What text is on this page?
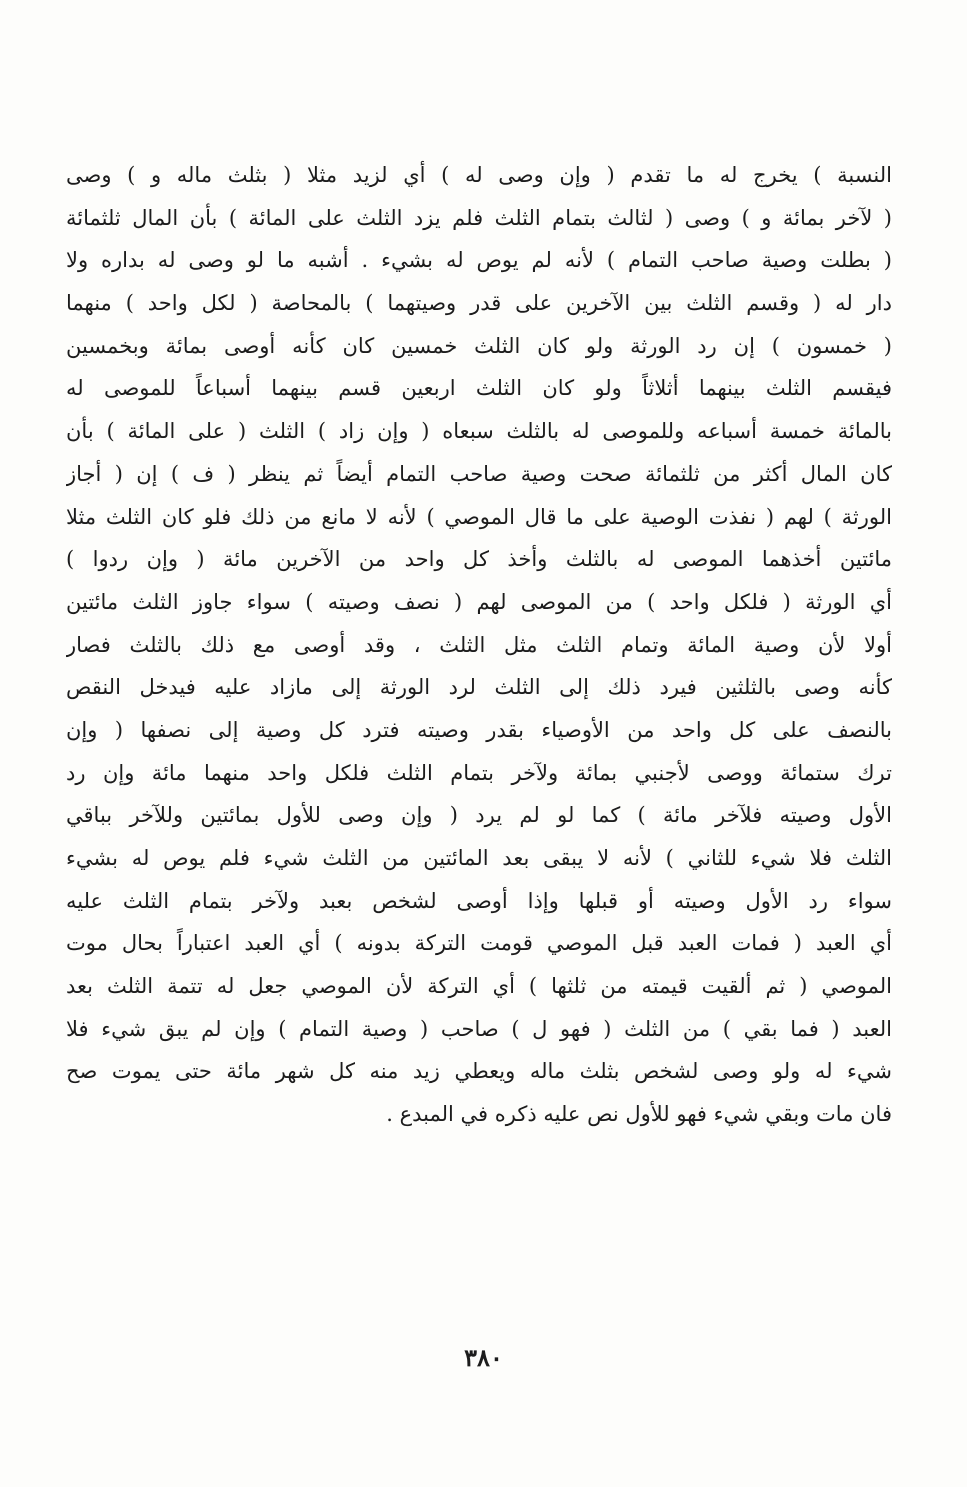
النسبة ) يخرج له ما تقدم ( وإن وصى له ) أي لزيد مثلا ( بثلث ماله و ) وصى
( لآخر بمائة و ) وصى ( لثالث بتمام الثلث فلم يزد الثلث على المائة ) بأن المال ثلثمائة
( بطلت وصية صاحب التمام ) لأنه لم يوص له بشيء . أشبه ما لو وصى له بداره ولا
دار له ( وقسم الثلث بين الآخرين على قدر وصيتهما ) بالمحاصة ( لكل واحد ) منهما
( خمسون ) إن رد الورثة ولو كان الثلث خمسين كان كأنه أوصى بمائة وبخمسين
فيقسم الثلث بينهما أثلاثاً ولو كان الثلث اربعين قسم بينهما أسباعاً للموصى له
بالمائة خمسة أسباعه وللموصى له بالثلث سبعاه ( وإن زاد ) الثلث ( على المائة ) بأن
كان المال أكثر من ثلثمائة صحت وصية صاحب التمام أيضاً ثم ينظر ( ف ) إن ( أجاز
الورثة ) لهم ( نفذت الوصية على ما قال الموصي ) لأنه لا مانع من ذلك فلو كان الثلث مثلا
مائتين أخذهما الموصى له بالثلث وأخذ كل واحد من الآخرين مائة ( وإن ردوا )
أي الورثة ( فلكل واحد ) من الموصى لهم ( نصف وصيته ) سواء جاوز الثلث مائتين
أولا لأن وصية المائة وتمام الثلث مثل الثلث ، وقد أوصى مع ذلك بالثلث فصار
كأنه وصى بالثلثين فيرد ذلك إلى الثلث لرد الورثة إلى مازاد عليه فيدخل النقص
بالنصف على كل واحد من الأوصياء بقدر وصيته فترد كل وصية إلى نصفها ( وإن
ترك ستمائة ووصى لأجنبي بمائة ولآخر بتمام الثلث فلكل واحد منهما مائة وإن رد
الأول وصيته فلآخر مائة ) كما لو لم يرد ( وإن وصى للأول بمائتين وللآخر بباقي
الثلث فلا شيء للثاني ) لأنه لا يبقى بعد المائتين من الثلث شيء فلم يوص له بشيء
سواء رد الأول وصيته أو قبلها وإذا أوصى لشخص بعبد ولآخر بتمام الثلث عليه
أي العبد ( فمات العبد قبل الموصي قومت التركة بدونه ) أي العبد اعتباراً بحال موت
الموصي ( ثم ألقيت قيمته من ثلثها ) أي التركة لأن الموصي جعل له تتمة الثلث بعد
العبد ( فما بقي ) من الثلث ( فهو ل ) صاحب ( وصية التمام ) وإن لم يبق شيء فلا
شيء له ولو وصى لشخص بثلث ماله ويعطي زيد منه كل شهر مائة حتى يموت صح
فان مات وبقي شيء فهو للأول نص عليه ذكره في المبدع .
٣٨٠
